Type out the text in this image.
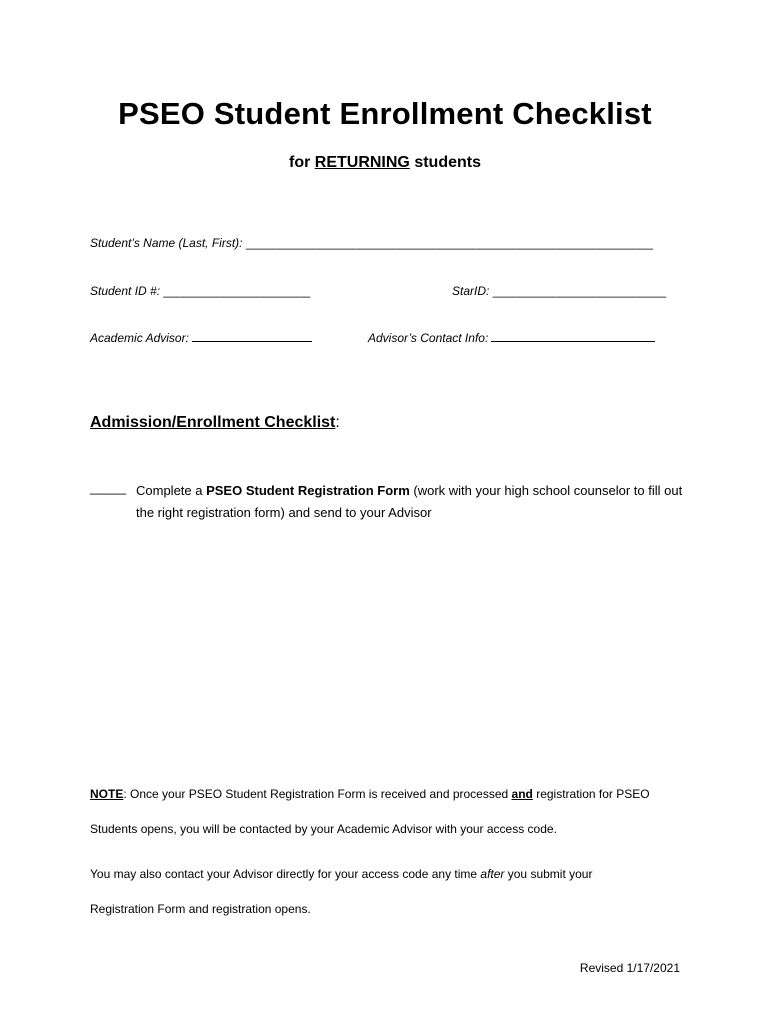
PSEO Student Enrollment Checklist
for RETURNING students
Student’s Name (Last, First): _____________________________________________________________
Student ID #: ______________________	StarID: __________________________
Academic Advisor:	Advisor’s Contact Info:
Admission/Enrollment Checklist:
_____ Complete a PSEO Student Registration Form (work with your high school counselor to fill out the right registration form) and send to your Advisor
NOTE: Once your PSEO Student Registration Form is received and processed and registration for PSEO
Students opens, you will be contacted by your Academic Advisor with your access code.
You may also contact your Advisor directly for your access code any time after you submit your
Registration Form and registration opens.
Revised 1/17/2021
